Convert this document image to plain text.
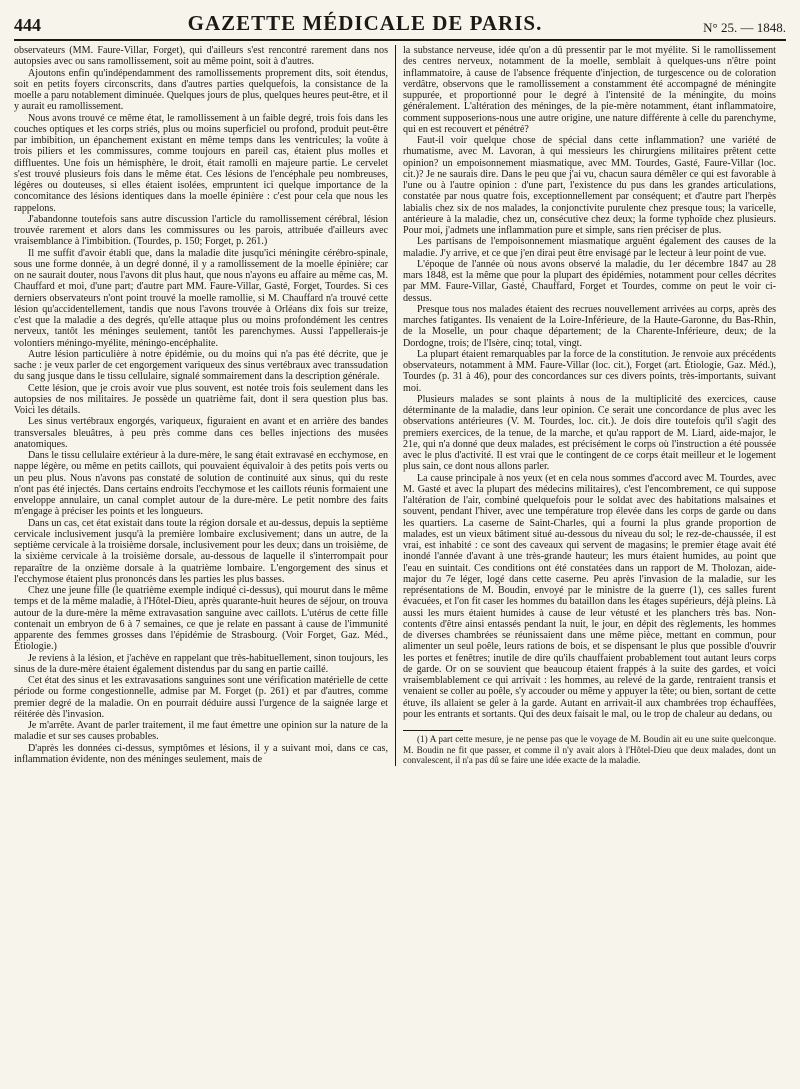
444	GAZETTE MÉDICALE DE PARIS.	N° 25. — 1848.

observateurs (MM. Faure-Villar, Forget), qui d'ailleurs s'est rencontré rarement dans nos autopsies avec ou sans ramollissement, soit au même point, soit à d'autres.

Ajoutons enfin qu'indépendamment des ramollissements proprement dits, soit étendus, soit en petits foyers circonscrits, dans d'autres parties quelquefois, la consistance de la moelle a paru notablement diminuée. Quelques jours de plus, quelques heures peut-être, et il y aurait eu ramollissement.

Nous avons trouvé ce même état, le ramollissement à un faible degré, trois fois dans les couches optiques et les corps striés, plus ou moins superficiel ou profond, produit peut-être par imbibition, un épanchement existant en même temps dans les ventricules; la voûte à trois piliers et les commissures, comme toujours en pareil cas, étaient plus molles et diffluentes. Une fois un hémisphère, le droit, était ramolli en majeure partie. Le cervelet s'est trouvé plusieurs fois dans le même état. Ces lésions de l'encéphale peu nombreuses, légères ou douteuses, si elles étaient isolées, empruntent ici quelque importance de la concomitance des lésions identiques dans la moelle épinière : c'est pour cela que nous les rappelons.

J'abandonne toutefois sans autre discussion l'article du ramollissement cérébral, lésion trouvée rarement et alors dans les commissures ou les parois, attribuée d'ailleurs avec vraisemblance à l'imbibition. (Tourdes, p. 150; Forget, p. 261.)

Il me suffit d'avoir établi que, dans la maladie dite jusqu'ici méningite cérébro-spinale, sous une forme donnée, à un degré donné, il y a ramollissement de la moelle épinière; car on ne saurait douter, nous l'avons dit plus haut, que nous n'ayons eu affaire au même cas, M. Chauffard et moi, d'une part; d'autre part MM. Faure-Villar, Gasté, Forget, Tourdes. Si ces derniers observateurs n'ont point trouvé la moelle ramollie, si M. Chauffard n'a trouvé cette lésion qu'accidentellement, tandis que nous l'avons trouvée à Orléans dix fois sur treize, c'est que la maladie a des degrés, qu'elle attaque plus ou moins profondément les centres nerveux, tantôt les méninges seulement, tantôt les parenchymes. Aussi l'appellerais-je volontiers méningo-myélite, méningo-encéphalite.

Autre lésion particulière à notre épidémie, ou du moins qui n'a pas été décrite, que je sache : je veux parler de cet engorgement variqueux des sinus vertébraux avec transsudation du sang jusque dans le tissu cellulaire, signalé sommairement dans la description générale.

Cette lésion, que je crois avoir vue plus souvent, est notée trois fois seulement dans les autopsies de nos militaires. Je possède un quatrième fait, dont il sera question plus bas. Voici les détails.

Les sinus vertébraux engorgés, variqueux, figuraient en avant et en arrière des bandes transversales bleuâtres, à peu près comme dans ces belles injections des musées anatomiques.

Dans le tissu cellulaire extérieur à la dure-mère, le sang était extravasé en ecchymose, en nappe légère, ou même en petits caillots, qui pouvaient équivaloir à des petits pois verts ou un peu plus. Nous n'avons pas constaté de solution de continuité aux sinus, qui du reste n'ont pas été injectés. Dans certains endroits l'ecchymose et les caillots réunis formaient une enveloppe annulaire, un canal complet autour de la dure-mère. Le petit nombre des faits m'engage à préciser les points et les longueurs.

Dans un cas, cet état existait dans toute la région dorsale et au-dessus, depuis la septième cervicale inclusivement jusqu'à la première lombaire exclusivement; dans un autre, de la septième cervicale à la troisième dorsale, inclusivement pour les deux; dans un troisième, de la sixième cervicale à la troisième dorsale, au-dessous de laquelle il s'interrompait pour reparaître de la onzième dorsale à la quatrième lombaire. L'engorgement des sinus et l'ecchymose étaient plus prononcés dans les parties les plus basses.

Chez une jeune fille (le quatrième exemple indiqué ci-dessus), qui mourut dans le même temps et de la même maladie, à l'Hôtel-Dieu, après quarante-huit heures de séjour, on trouva autour de la dure-mère la même extravasation sanguine avec caillots. L'utérus de cette fille contenait un embryon de 6 à 7 semaines, ce que je relate en passant à cause de l'immunité apparente des femmes grosses dans l'épidémie de Strasbourg. (Voir Forget, Gaz. Méd., Étiologie.)

Je reviens à la lésion, et j'achève en rappelant que très-habituellement, sinon toujours, les sinus de la dure-mère étaient également distendus par du sang en partie caillé.

Cet état des sinus et les extravasations sanguines sont une vérification matérielle de cette période ou forme congestionnelle, admise par M. Forget (p. 261) et par d'autres, comme premier degré de la maladie. On en pourrait déduire aussi l'urgence de la saignée large et réitérée dès l'invasion.

Je m'arrête. Avant de parler traitement, il me faut émettre une opinion sur la nature de la maladie et sur ses causes probables.

D'après les données ci-dessus, symptômes et lésions, il y a suivant moi, dans ce cas, inflammation évidente, non des méninges seulement, mais de

la substance nerveuse, idée qu'on a dû pressentir par le mot myélite. Si le ramollissement des centres nerveux, notamment de la moelle, semblait à quelques-uns n'être point inflammatoire, à cause de l'absence fréquente d'injection, de turgescence ou de coloration verdâtre, observons que le ramollissement a constamment été accompagné de méningite suppurée, et proportionné pour le degré à l'intensité de la méningite, du moins généralement. L'altération des méninges, de la pie-mère notamment, étant inflammatoire, comment supposerions-nous une autre origine, une nature différente à celle du parenchyme, qui en est recouvert et pénétré?

Faut-il voir quelque chose de spécial dans cette inflammation? une variété de rhumatisme, avec M. Lavoran, à qui messieurs les chirurgiens militaires prêtent cette opinion? un empoisonnement miasmatique, avec MM. Tourdes, Gasté, Faure-Villar (loc. cit.)? Je ne saurais dire. Dans le peu que j'ai vu, chacun saura démêler ce qui est favorable à l'une ou à l'autre opinion : d'une part, l'existence du pus dans les grandes articulations, constatée par nous quatre fois, exceptionnellement par conséquent; et d'autre part l'herpès labialis chez six de nos malades, la conjonctivite purulente chez presque tous; la varicelle, antérieure à la maladie, chez un, consécutive chez deux; la forme typhoïde chez plusieurs. Pour moi, j'admets une inflammation pure et simple, sans rien préciser de plus.

Les partisans de l'empoisonnement miasmatique arguënt également des causes de la maladie. J'y arrive, et ce que j'en dirai peut être envisagé par le lecteur à leur point de vue.

L'époque de l'année où nous avons observé la maladie, du 1er décembre 1847 au 28 mars 1848, est la même que pour la plupart des épidémies, notamment pour celles décrites par MM. Faure-Villar, Gasté, Chauffard, Forget et Tourdes, comme on peut le voir ci-dessus.

Presque tous nos malades étaient des recrues nouvellement arrivées au corps, après des marches fatigantes. Ils venaient de la Loire-Inférieure, de la Haute-Garonne, du Bas-Rhin, de la Moselle, un pour chaque département; de la Charente-Inférieure, deux; de la Dordogne, trois; de l'Isère, cinq; total, vingt.

La plupart étaient remarquables par la force de la constitution. Je renvoie aux précédents observateurs, notamment à MM. Faure-Villar (loc. cit.), Forget (art. Étiologie, Gaz. Méd.), Tourdes (p. 31 à 46), pour des concordances sur ces divers points, très-importants, suivant moi.

Plusieurs malades se sont plaints à nous de la multiplicité des exercices, cause déterminante de la maladie, dans leur opinion. Ce serait une concordance de plus avec les observations antérieures (V. M. Tourdes, loc. cit.). Je dois dire toutefois qu'il s'agit des premiers exercices, de la tenue, de la marche, et qu'au rapport de M. Liard, aide-major, le 21e, qui n'a donné que deux malades, est précisément le corps où l'instruction a été poussée avec le plus d'activité. Il est vrai que le contingent de ce corps était meilleur et le logement plus sain, ce dont nous allons parler.

La cause principale à nos yeux (et en cela nous sommes d'accord avec M. Tourdes, avec M. Gasté et avec la plupart des médecins militaires), c'est l'encombrement, ce qui suppose l'altération de l'air, combiné quelquefois pour le soldat avec des habitations malsaines et souvent, pendant l'hiver, avec une température trop élevée dans les corps de garde ou dans les quartiers. La caserne de Saint-Charles, qui a fourni la plus grande proportion de malades, est un vieux bâtiment situé au-dessous du niveau du sol; le rez-de-chaussée, il est vrai, est inhabité : ce sont des caveaux qui servent de magasins; le premier étage avait été inondé l'année d'avant à une très-grande hauteur; les murs étaient humides, au point que l'eau en suintait. Ces conditions ont été constatées dans un rapport de M. Tholozan, aide-major du 7e léger, logé dans cette caserne. Peu après l'invasion de la maladie, sur les représentations de M. Boudin, envoyé par le ministre de la guerre (1), ces salles furent évacuées, et l'on fit caser les hommes du bataillon dans les étages supérieurs, déjà pleins. Là aussi les murs étaient humides à cause de leur vétusté et les planchers très bas. Non-contents d'être ainsi entassés pendant la nuit, le jour, en dépit des règlements, les hommes de diverses chambrées se réunissaient dans une même pièce, mettant en commun, pour alimenter un seul poêle, leurs rations de bois, et se dispensant le plus que possible d'ouvrir les portes et fenêtres; inutile de dire qu'ils chauffaient probablement tout autant leurs corps de garde. Or on se souvient que beaucoup étaient frappés à la suite des gardes, et voici vraisemblablement ce qui arrivait : les hommes, au relevé de la garde, rentraient transis et venaient se coller au poêle, s'y accouder ou même y appuyer la tête; ou bien, sortant de cette étuve, ils allaient se geler à la garde. Autant en arrivait-il aux chambrées trop échauffées, pour les entrants et sortants. Qui des deux faisait le mal, ou le trop de chaleur au dedans, ou

(1) A part cette mesure, je ne pense pas que le voyage de M. Boudin ait eu une suite quelconque. M. Boudin ne fit que passer, et comme il n'y avait alors à l'Hôtel-Dieu que deux malades, dont un convalescent, il n'a pas dû se faire une idée exacte de la maladie.
